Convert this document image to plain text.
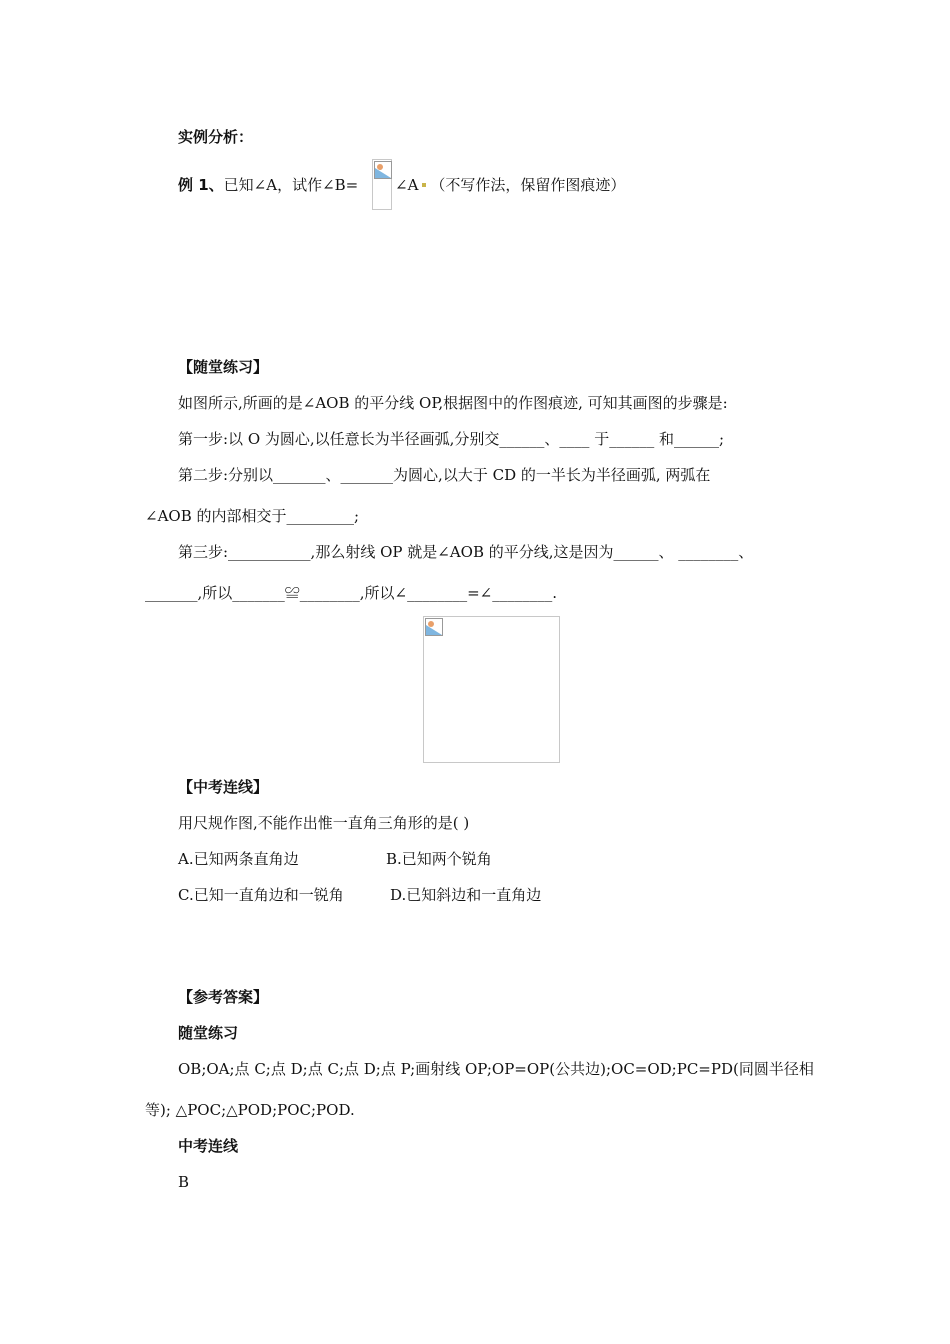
实例分析：
例 1、已知∠A，试作∠B= ∠A （不写作法，保留作图痕迹）
【随堂练习】
如图所示,所画的是∠AOB 的平分线 OP,根据图中的作图痕迹, 可知其画图的步骤是:
第一步:以 O 为圆心,以任意长为半径画弧,分别交______、____ 于______ 和______;
第二步:分别以_______、_______为圆心,以大于 CD 的一半长为半径画弧, 两弧在
∠AOB 的内部相交于_________;
第三步:___________,那么射线 OP 就是∠AOB 的平分线,这是因为______、 ________、
_______,所以_______≌________,所以∠________=∠________.
【中考连线】
用尺规作图,不能作出惟一直角三角形的是( )
A.已知两条直角边	B.已知两个锐角
C.已知一直角边和一锐角	D.已知斜边和一直角边
【参考答案】
随堂练习
OB;OA;点 C;点 D;点 C;点 D;点 P;画射线 OP;OP=OP(公共边);OC=OD;PC=PD(同圆半径相
等); △POC;△POD;POC;POD.
中考连线
B
